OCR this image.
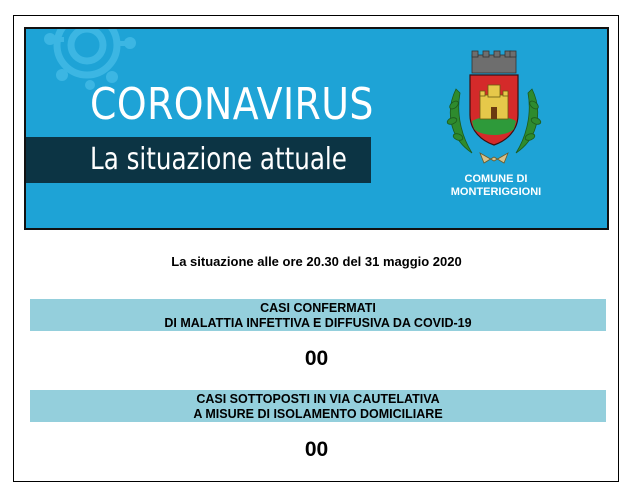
CORONAVIRUS
La situazione attuale
COMUNE DI
MONTERIGGIONI
La situazione alle ore 20.30 del 31 maggio 2020
CASI CONFERMATI
DI MALATTIA INFETTIVA E DIFFUSIVA DA COVID-19
00
CASI SOTTOPOSTI IN VIA CAUTELATIVA
A MISURE DI ISOLAMENTO DOMICILIARE
00
